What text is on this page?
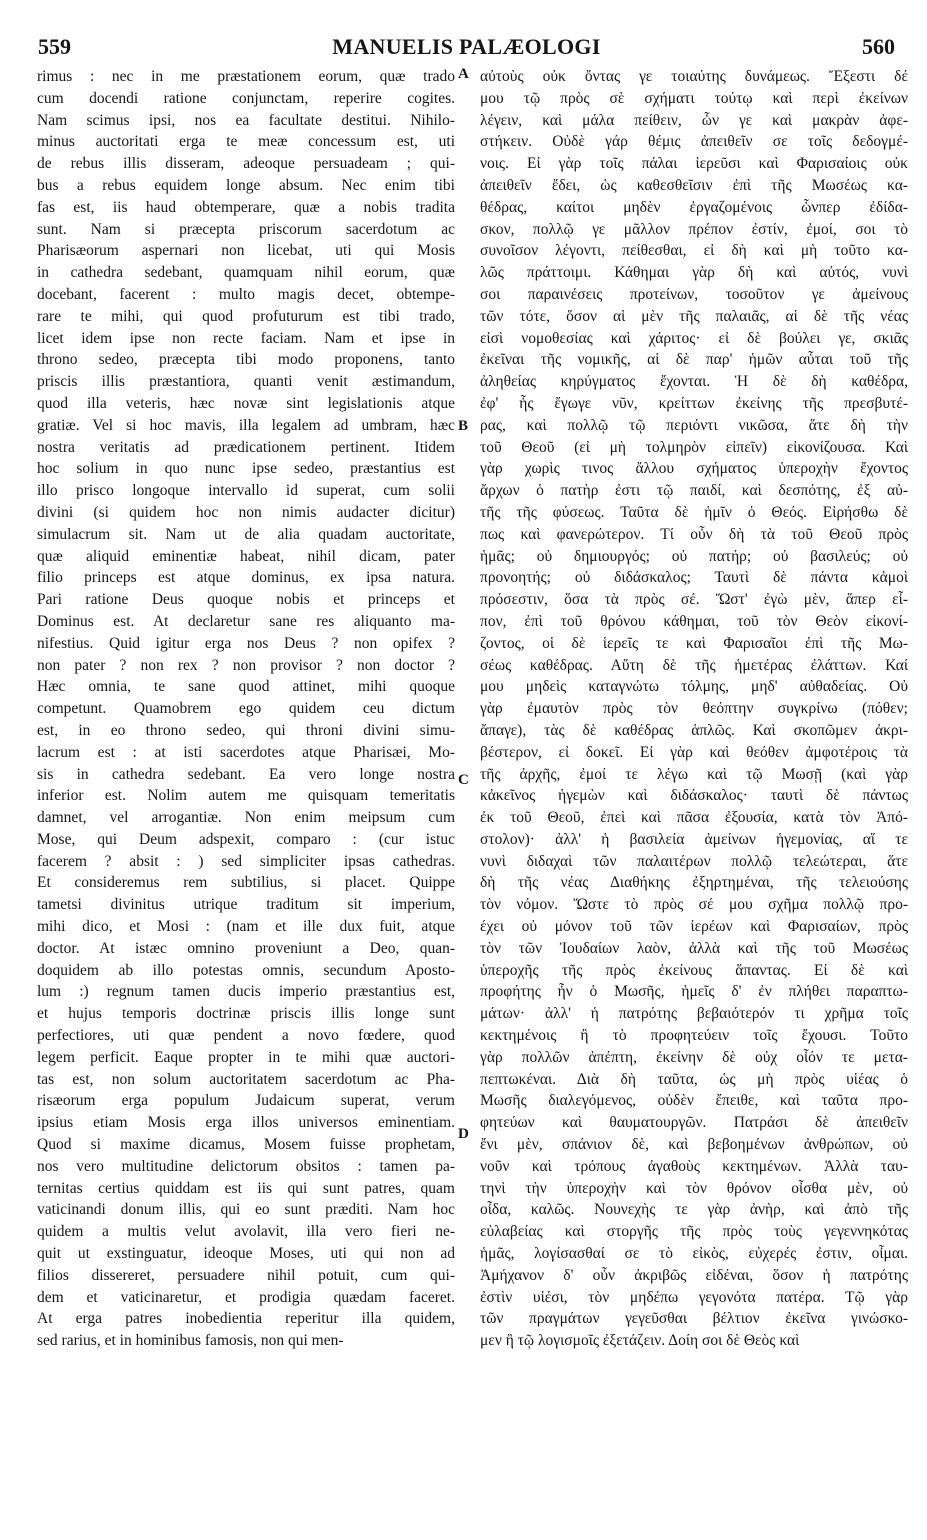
559	MANUELIS PALÆOLOGI	560
rimus : nec in me præstationem eorum, quæ trado
cum docendi ratione conjunctam, reperire cogites.
Nam scimus ipsi, nos ea facultate destitui. Nihilo-
minus auctoritati erga te meæ concessum est, uti
de rebus illis disseram, adeoque persuadeam ; qui-
bus a rebus equidem longe absum. Nec enim tibi
fas est, iis haud obtemperare, quæ a nobis tradita
sunt. Nam si præcepta priscorum sacerdotum ac
Pharisæorum aspernari non licebat, uti qui Mosis
in cathedra sedebant, quamquam nihil eorum, quæ
docebant, facerent : multo magis decet, obtempe-
rare te mihi, qui quod profuturum est tibi trado,
licet idem ipse non recte faciam. Nam et ipse in
throno sedeo, præcepta tibi modo proponens, tanto
priscis illis præstantiora, quanti venit æstimandum,
quod illa veteris, hæc novæ sint legislationis atque
gratiæ. Vel si hoc mavis, illa legalem ad umbram, hæc
nostra veritatis ad prædicationem pertinent. Itidem
hoc solium in quo nunc ipse sedeo, præstantius est
illo prisco longoque intervallo id superat, cum solii
divini (si quidem hoc non nimis audacter dicitur)
simulacrum sit. Nam ut de alia quadam auctoritate,
quæ aliquid eminentiæ habeat, nihil dicam, pater
filio princeps est atque dominus, ex ipsa natura.
Pari ratione Deus quoque nobis et princeps et
Dominus est. At declaretur sane res aliquanto ma-
nifestius. Quid igitur erga nos Deus ? non opifex ?
non pater ? non rex ? non provisor ? non doctor ?
Hæc omnia, te sane quod attinet, mihi quoque
competunt. Quamobrem ego quidem ceu dictum
est, in eo throno sedeo, qui throni divini simu-
lacrum est : at isti sacerdotes atque Pharisæi, Mo-
sis in cathedra sedebant. Ea vero longe nostra
inferior est. Nolim autem me quisquam temeritatis
damnet, vel arrogantiæ. Non enim meipsum cum
Mose, qui Deum adspexit, comparo : (cur istuc
facerem ? absit : ) sed simpliciter ipsas cathedras.
Et consideremus rem subtilius, si placet. Quippe
tametsi divinitus utrique traditum sit imperium,
mihi dico, et Mosi : (nam et ille dux fuit, atque
doctor. At istæc omnino proveniunt a Deo, quan-
doquidem ab illo potestas omnis, secundum Aposto-
lum :) regnum tamen ducis imperio præstantius est,
et hujus temporis doctrinæ priscis illis longe sunt
perfectiores, uti quæ pendent a novo fœdere, quod
legem perficit. Eaque propter in te mihi quæ auctori-
tas est, non solum auctoritatem sacerdotum ac Pha-
risæorum erga populum Judaicum superat, verum
ipsius etiam Mosis erga illos universos eminentiam.
Quod si maxime dicamus, Mosem fuisse prophetam,
nos vero multitudine delictorum obsitos : tamen pa-
ternitas certius quiddam est iis qui sunt patres, quam
vaticinandi donum illis, qui eo sunt præditi. Nam hoc
quidem a multis velut avolavit, illa vero fieri ne-
quit ut exstinguatur, ideoque Moses, uti qui non ad
filios dissereret, persuadere nihil potuit, cum qui-
dem et vaticinaretur, et prodigia quædam faceret.
At erga patres inobedientia reperitur illa quidem,
sed rarius, et in hominibus famosis, non qui men-
A
B
C
D
αὐτοὺς οὐκ ὄντας γε τοιαύτης δυνάμεως. Ἔξεστι δέ
μου τῷ πρὸς σὲ σχήματι τούτῳ καὶ περὶ ἐκείνων
λέγειν, καὶ μάλα πείθειν, ὧν γε καὶ μακρὰν ἀφε-
στήκειν. Οὐδὲ γάρ θέμις ἀπειθεῖν σε τοῖς δεδογμέ-
νοις. Εἰ γὰρ τοῖς πάλαι ἱερεῦσι καὶ Φαρισαίοις οὐκ
ἀπειθεῖν ἔδει, ὡς καθεσθεῖσιν ἐπὶ τῆς Μωσέως κα-
θέδρας, καίτοι μηδὲν ἐργαζομένοις ὧνπερ ἐδίδα-
σκον, πολλῷ γε μᾶλλον πρέπον ἐστίν, ἐμοί, σοι τὸ
συνοῖσον λέγοντι, πείθεσθαι, εἰ δὴ καὶ μὴ τοῦτο κα-
λῶς πράττοιμι. Κάθημαι γὰρ δὴ καὶ αὐτός, νυνὶ
σοι παραινέσεις προτείνων, τοσοῦτον γε ἀμείνους
τῶν τότε, ὅσον αἱ μὲν τῆς παλαιᾶς, αἱ δὲ τῆς νέας
εἰσὶ νομοθεσίας καὶ χάριτος· εἰ δὲ βούλει γε, σκιᾶς
ἐκεῖναι τῆς νομικῆς, αἱ δὲ παρ' ἡμῶν αὗται τοῦ τῆς
ἀληθείας κηρύγματος ἔχονται. Ἡ δὲ δὴ καθέδρα,
ἐφ' ἧς ἔγωγε νῦν, κρείττων ἐκείνης τῆς πρεσβυτέ-
ρας, καὶ πολλῷ τῷ περιόντι νικῶσα, ἅτε δὴ τὴν
τοῦ Θεοῦ (εἰ μὴ τολμηρὸν εἰπεῖν) εἰκονίζουσα. Καὶ
γὰρ χωρὶς τινος ἄλλου σχήματος ὑπεροχὴν ἔχοντος
ἄρχων ὁ πατὴρ ἐστι τῷ παιδί, καὶ δεσπότης, ἐξ αὐ-
τῆς τῆς φύσεως. Ταῦτα δὲ ἡμῖν ὁ Θεός. Εἰρήσθω δὲ
πως καὶ φανερώτερον. Τί οὖν δὴ τὰ τοῦ Θεοῦ πρὸς
ἡμᾶς; οὐ δημιουργός; οὐ πατήρ; οὐ βασιλεύς; οὐ
προνοητής; οὐ διδάσκαλος; Ταυτὶ δὲ πάντα κἀμοὶ
πρόσεστιν, ὅσα τὰ πρὸς σέ. Ὥστ' ἐγὼ μὲν, ἅπερ εἶ-
πον, ἐπὶ τοῦ θρόνου κάθημαι, τοῦ τὸν Θεὸν εἰκονί-
ζοντος, οἱ δὲ ἱερεῖς τε καὶ Φαρισαῖοι ἐπὶ τῆς Μω-
σέως καθέδρας. Αὕτη δὲ τῆς ἡμετέρας ἐλάττων. Καί
μου μηδεὶς καταγνώτω τόλμης, μηδ' αὐθαδείας. Οὐ
γὰρ ἐμαυτὸν πρὸς τὸν θεόπτην συγκρίνω (πόθεν;
ἄπαγε), τὰς δὲ καθέδρας ἁπλῶς. Καὶ σκοπῶμεν ἀκρι-
βέστερον, εἰ δοκεῖ. Εἰ γὰρ καὶ θεόθεν ἀμφοτέροις τὰ
τῆς ἀρχῆς, ἐμοί τε λέγω καὶ τῷ Μωσῇ (καὶ γὰρ
κἀκεῖνος ἡγεμὼν καὶ διδάσκαλος· ταυτὶ δὲ πάντως
ἐκ τοῦ Θεοῦ, ἐπεὶ καὶ πᾶσα ἐξουσία, κατὰ τὸν Ἀπό-
στολον)· ἀλλ' ἡ βασιλεία ἀμείνων ἡγεμονίας, αἵ τε
νυνὶ διδαχαὶ τῶν παλαιτέρων πολλῷ τελεώτεραι, ἅτε
δὴ τῆς νέας Διαθήκης ἐξηρτημέναι, τῆς τελειούσης
τὸν νόμον. Ὥστε τὸ πρὸς σέ μου σχῆμα πολλῷ προ-
έχει οὐ μόνον τοῦ τῶν ἱερέων καὶ Φαρισαίων, πρὸς
τὸν τῶν Ἰουδαίων λαὸν, ἀλλὰ καὶ τῆς τοῦ Μωσέως
ὑπεροχῆς τῆς πρὸς ἐκείνους ἅπαντας. Εἰ δὲ καὶ
προφήτης ἦν ὁ Μωσῆς, ἡμεῖς δ' ἐν πλήθει παραπτω-
μάτων· ἀλλ' ἡ πατρότης βεβαιότερόν τι χρῆμα τοῖς
κεκτημένοις ἢ τὸ προφητεύειν τοῖς ἔχουσι. Τοῦτο
γὰρ πολλῶν ἀπέπτη, ἐκείνην δὲ οὐχ οἷόν τε μετα-
πεπτωκέναι. Διὰ δὴ ταῦτα, ὡς μὴ πρὸς υἱέας ὁ
Μωσῆς διαλεγόμενος, οὐδὲν ἔπειθε, καὶ ταῦτα προ-
φητεύων καὶ θαυματουργῶν. Πατράσι δὲ ἀπειθεῖν
ἔνι μὲν, σπάνιον δὲ, καὶ βεβοημένων ἀνθρώπων, οὐ
νοῦν καὶ τρόπους ἀγαθοὺς κεκτημένων. Ἀλλὰ ταυ-
τηνὶ τὴν ὑπεροχὴν καὶ τὸν θρόνον οἶσθα μὲν, οὐ
οἶδα, καλῶς. Νουνεχὴς τε γὰρ ἀνὴρ, καὶ ἀπὸ τῆς
εὐλαβείας καὶ στοργῆς τῆς πρὸς τοὺς γεγεννηκότας
ἡμᾶς, λογίσασθαί σε τὸ εἰκὸς, εὐχερές ἐστιν, οἶμαι.
Ἀμήχανον δ' οὖν ἀκριβῶς εἰδέναι, ὅσον ἡ πατρότης
ἐστὶν υἱέσι, τὸν μηδέπω γεγονότα πατέρα. Τῷ γὰρ
τῶν πραγμάτων γεγεῦσθαι βέλτιον ἐκεῖνα γινώσκο-
μεν ἢ τῷ λογισμοῖς ἐξετάζειν. Δοίη σοι δὲ Θεὸς καὶ
